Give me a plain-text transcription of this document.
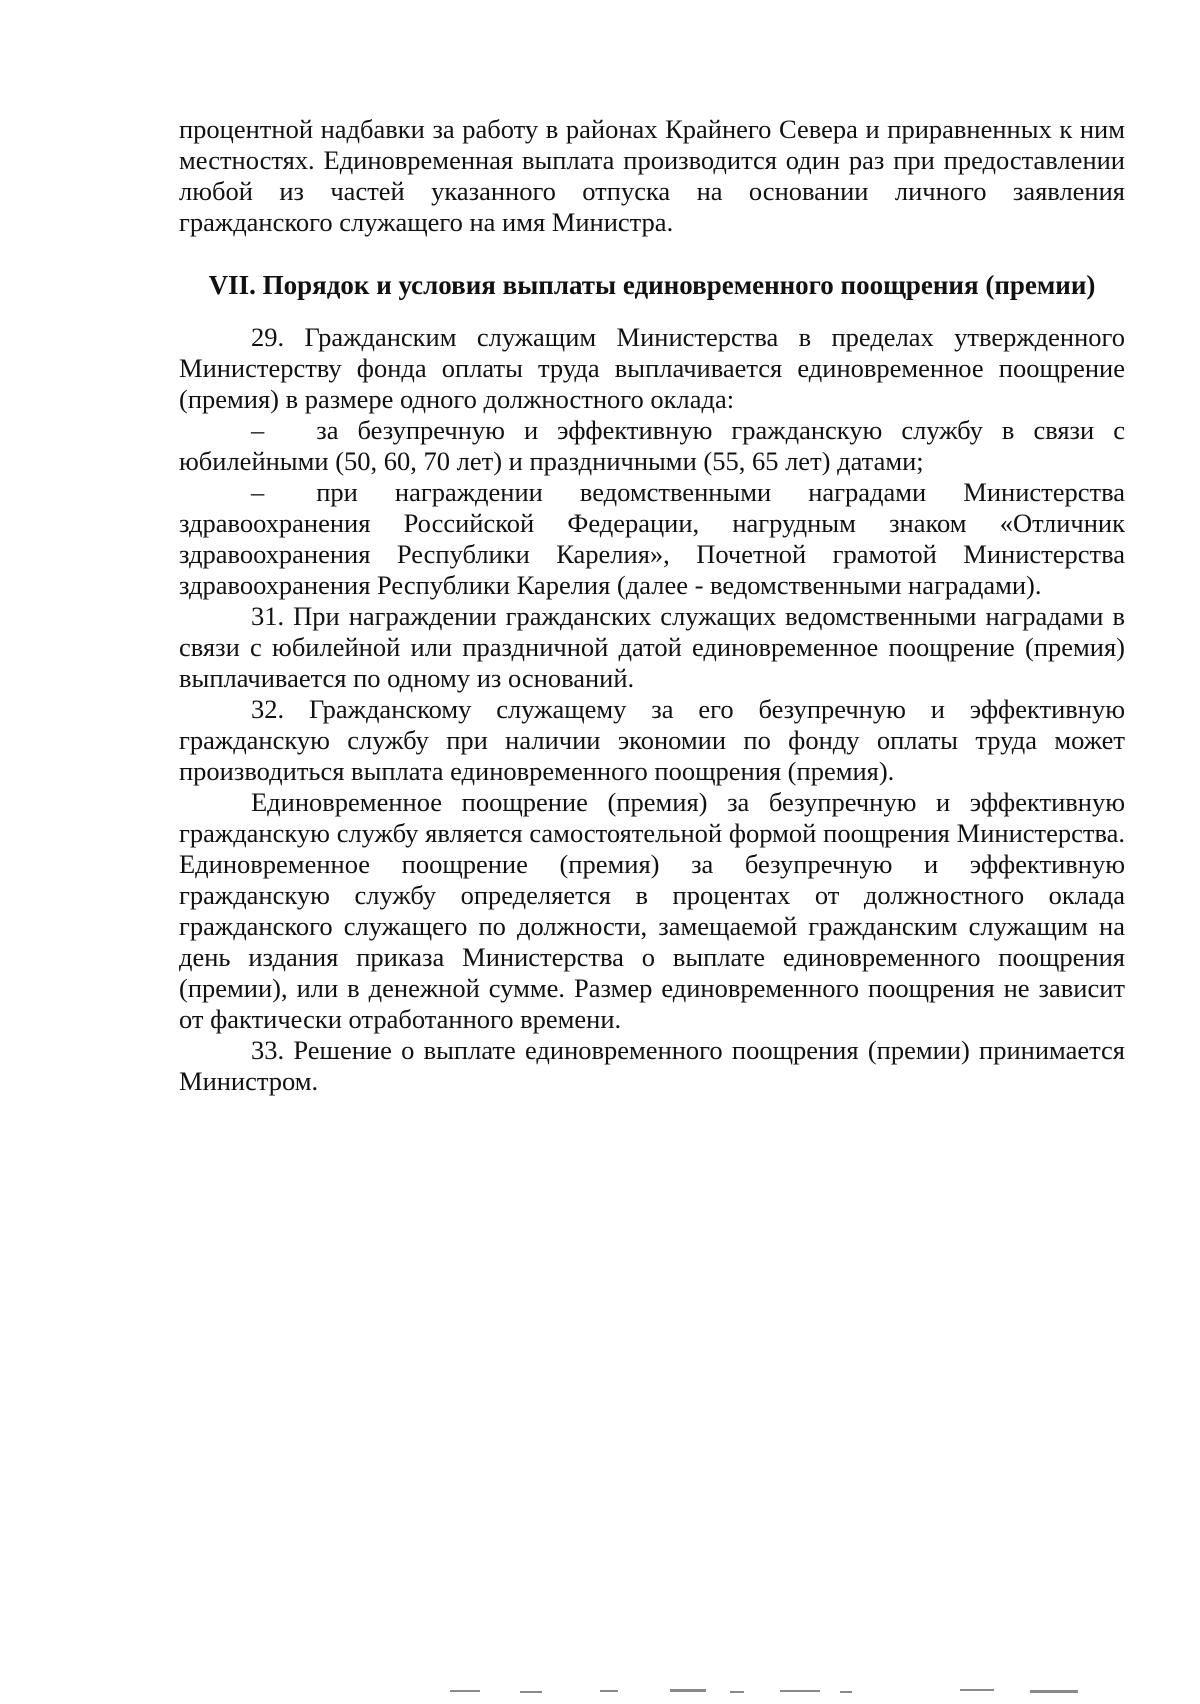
процентной надбавки за работу в районах Крайнего Севера и приравненных к ним местностях. Единовременная выплата производится один раз при предоставлении любой из частей указанного отпуска на основании личного заявления гражданского служащего на имя Министра.

VII. Порядок и условия выплаты единовременного поощрения (премии)

29. Гражданским служащим Министерства в пределах утвержденного Министерству фонда оплаты труда выплачивается единовременное поощрение (премия) в размере одного должностного оклада:

– за безупречную и эффективную гражданскую службу в связи с юбилейными (50, 60, 70 лет) и праздничными (55, 65 лет) датами;

– при награждении ведомственными наградами Министерства здравоохранения Российской Федерации, нагрудным знаком «Отличник здравоохранения Республики Карелия», Почетной грамотой Министерства здравоохранения Республики Карелия (далее - ведомственными наградами).

31. При награждении гражданских служащих ведомственными наградами в связи с юбилейной или праздничной датой единовременное поощрение (премия) выплачивается по одному из оснований.

32. Гражданскому служащему за его безупречную и эффективную гражданскую службу при наличии экономии по фонду оплаты труда может производиться выплата единовременного поощрения (премия).

Единовременное поощрение (премия) за безупречную и эффективную гражданскую службу является самостоятельной формой поощрения Министерства. Единовременное поощрение (премия) за безупречную и эффективную гражданскую службу определяется в процентах от должностного оклада гражданского служащего по должности, замещаемой гражданским служащим на день издания приказа Министерства о выплате единовременного поощрения (премии), или в денежной сумме. Размер единовременного поощрения не зависит от фактически отработанного времени.

33. Решение о выплате единовременного поощрения (премии) принимается Министром.
